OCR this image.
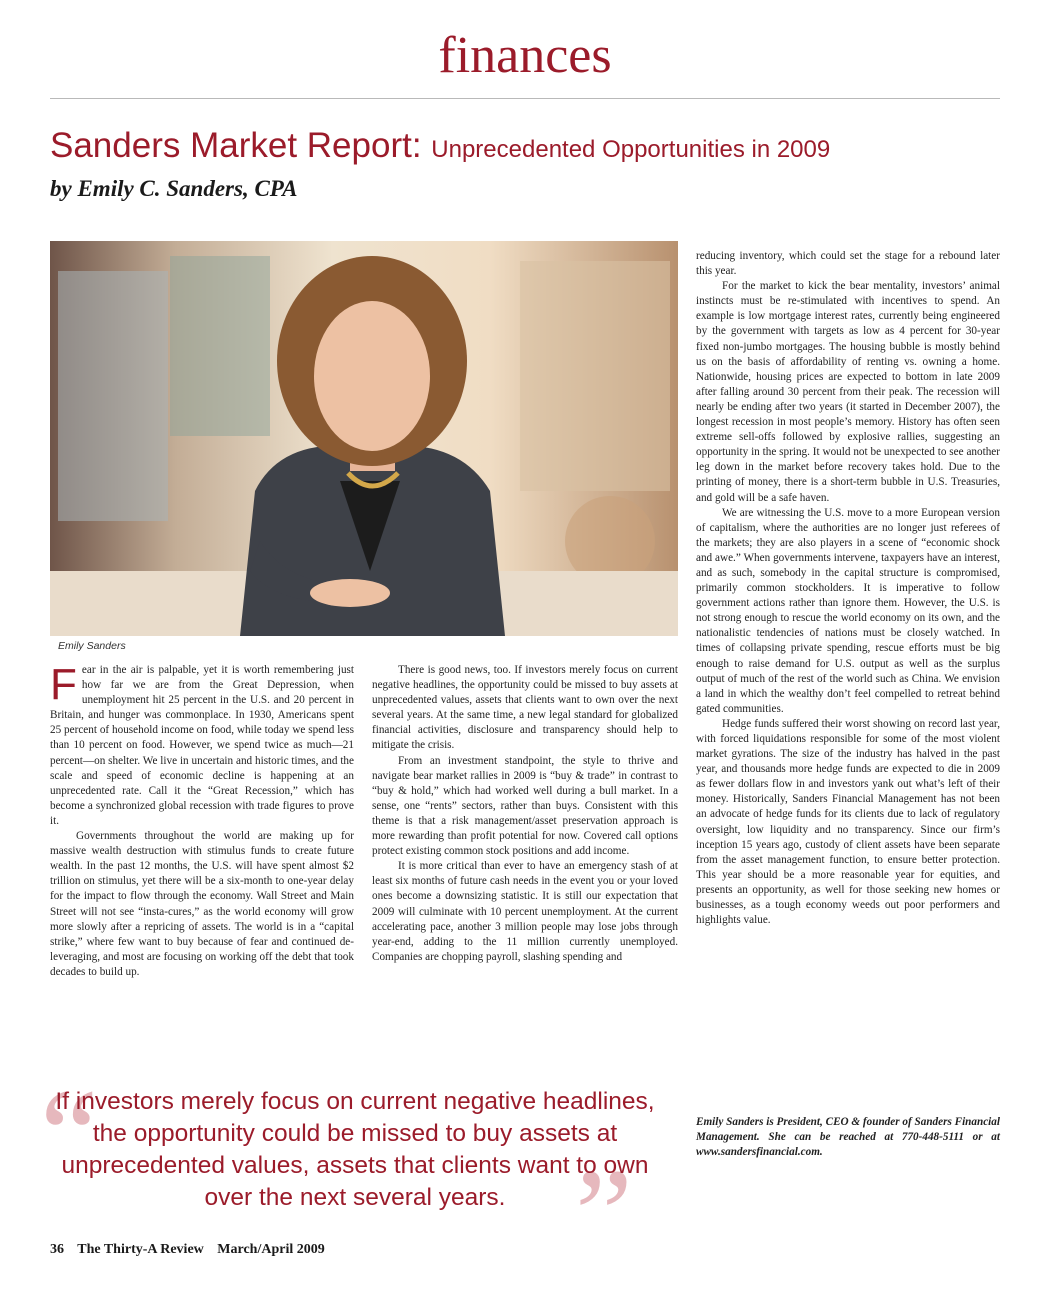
finances
Sanders Market Report: Unprecedented Opportunities in 2009
by Emily C. Sanders, CPA
Emily Sanders

Fear in the air is palpable, yet it is worth remembering just how far we are from the Great Depression, when unemployment hit 25 percent in the U.S. and 20 percent in Britain, and hunger was commonplace. In 1930, Americans spent 25 percent of household income on food, while today we spend less than 10 percent on food. However, we spend twice as much—21 percent—on shelter. We live in uncertain and historic times, and the scale and speed of economic decline is happening at an unprecedented rate. Call it the “Great Recession,” which has become a synchronized global recession with trade figures to prove it.

Governments throughout the world are making up for massive wealth destruction with stimulus funds to create future wealth. In the past 12 months, the U.S. will have spent almost $2 trillion on stimulus, yet there will be a six-month to one-year delay for the impact to flow through the economy. Wall Street and Main Street will not see “insta-cures,” as the world economy will grow more slowly after a repricing of assets. The world is in a “capital strike,” where few want to buy because of fear and continued de-leveraging, and most are focusing on working off the debt that took decades to build up.

There is good news, too. If investors merely focus on current negative headlines, the opportunity could be missed to buy assets at unprecedented values, assets that clients want to own over the next several years. At the same time, a new legal standard for globalized financial activities, disclosure and transparency should help to mitigate the crisis.

From an investment standpoint, the style to thrive and navigate bear market rallies in 2009 is “buy & trade” in contrast to “buy & hold,” which had worked well during a bull market. In a sense, one “rents” sectors, rather than buys. Consistent with this theme is that a risk management/asset preservation approach is more rewarding than profit potential for now. Covered call options protect existing common stock positions and add income.

It is more critical than ever to have an emergency stash of at least six months of future cash needs in the event you or your loved ones become a downsizing statistic. It is still our expectation that 2009 will culminate with 10 percent unemployment. At the current accelerating pace, another 3 million people may lose jobs through year-end, adding to the 11 million currently unemployed. Companies are chopping payroll, slashing spending and

reducing inventory, which could set the stage for a rebound later this year.

For the market to kick the bear mentality, investors’ animal instincts must be re-stimulated with incentives to spend. An example is low mortgage interest rates, currently being engineered by the government with targets as low as 4 percent for 30-year fixed non-jumbo mortgages. The housing bubble is mostly behind us on the basis of affordability of renting vs. owning a home. Nationwide, housing prices are expected to bottom in late 2009 after falling around 30 percent from their peak. The recession will nearly be ending after two years (it started in December 2007), the longest recession in most people’s memory. History has often seen extreme sell-offs followed by explosive rallies, suggesting an opportunity in the spring. It would not be unexpected to see another leg down in the market before recovery takes hold. Due to the printing of money, there is a short-term bubble in U.S. Treasuries, and gold will be a safe haven.

We are witnessing the U.S. move to a more European version of capitalism, where the authorities are no longer just referees of the markets; they are also players in a scene of “economic shock and awe.” When governments intervene, taxpayers have an interest, and as such, somebody in the capital structure is compromised, primarily common stockholders. It is imperative to follow government actions rather than ignore them. However, the U.S. is not strong enough to rescue the world economy on its own, and the nationalistic tendencies of nations must be closely watched. In times of collapsing private spending, rescue efforts must be big enough to raise demand for U.S. output as well as the surplus output of much of the rest of the world such as China. We envision a land in which the wealthy don’t feel compelled to retreat behind gated communities.

Hedge funds suffered their worst showing on record last year, with forced liquidations responsible for some of the most violent market gyrations. The size of the industry has halved in the past year, and thousands more hedge funds are expected to die in 2009 as fewer dollars flow in and investors yank out what’s left of their money. Historically, Sanders Financial Management has not been an advocate of hedge funds for its clients due to lack of regulatory oversight, low liquidity and no transparency. Since our firm’s inception 15 years ago, custody of client assets have been separate from the asset management function, to ensure better protection. This year should be a more reasonable year for equities, and presents an opportunity, as well for those seeking new homes or businesses, as a tough economy weeds out poor performers and highlights value.

Emily Sanders is President, CEO & founder of Sanders Financial Management. She can be reached at 770-448-5111 or at www.sandersfinancial.com.
“
”
If investors merely focus on current negative headlines, the opportunity could be missed to buy assets at unprecedented values, assets that clients want to own over the next several years.
36 The Thirty-A Review March/April 2009
